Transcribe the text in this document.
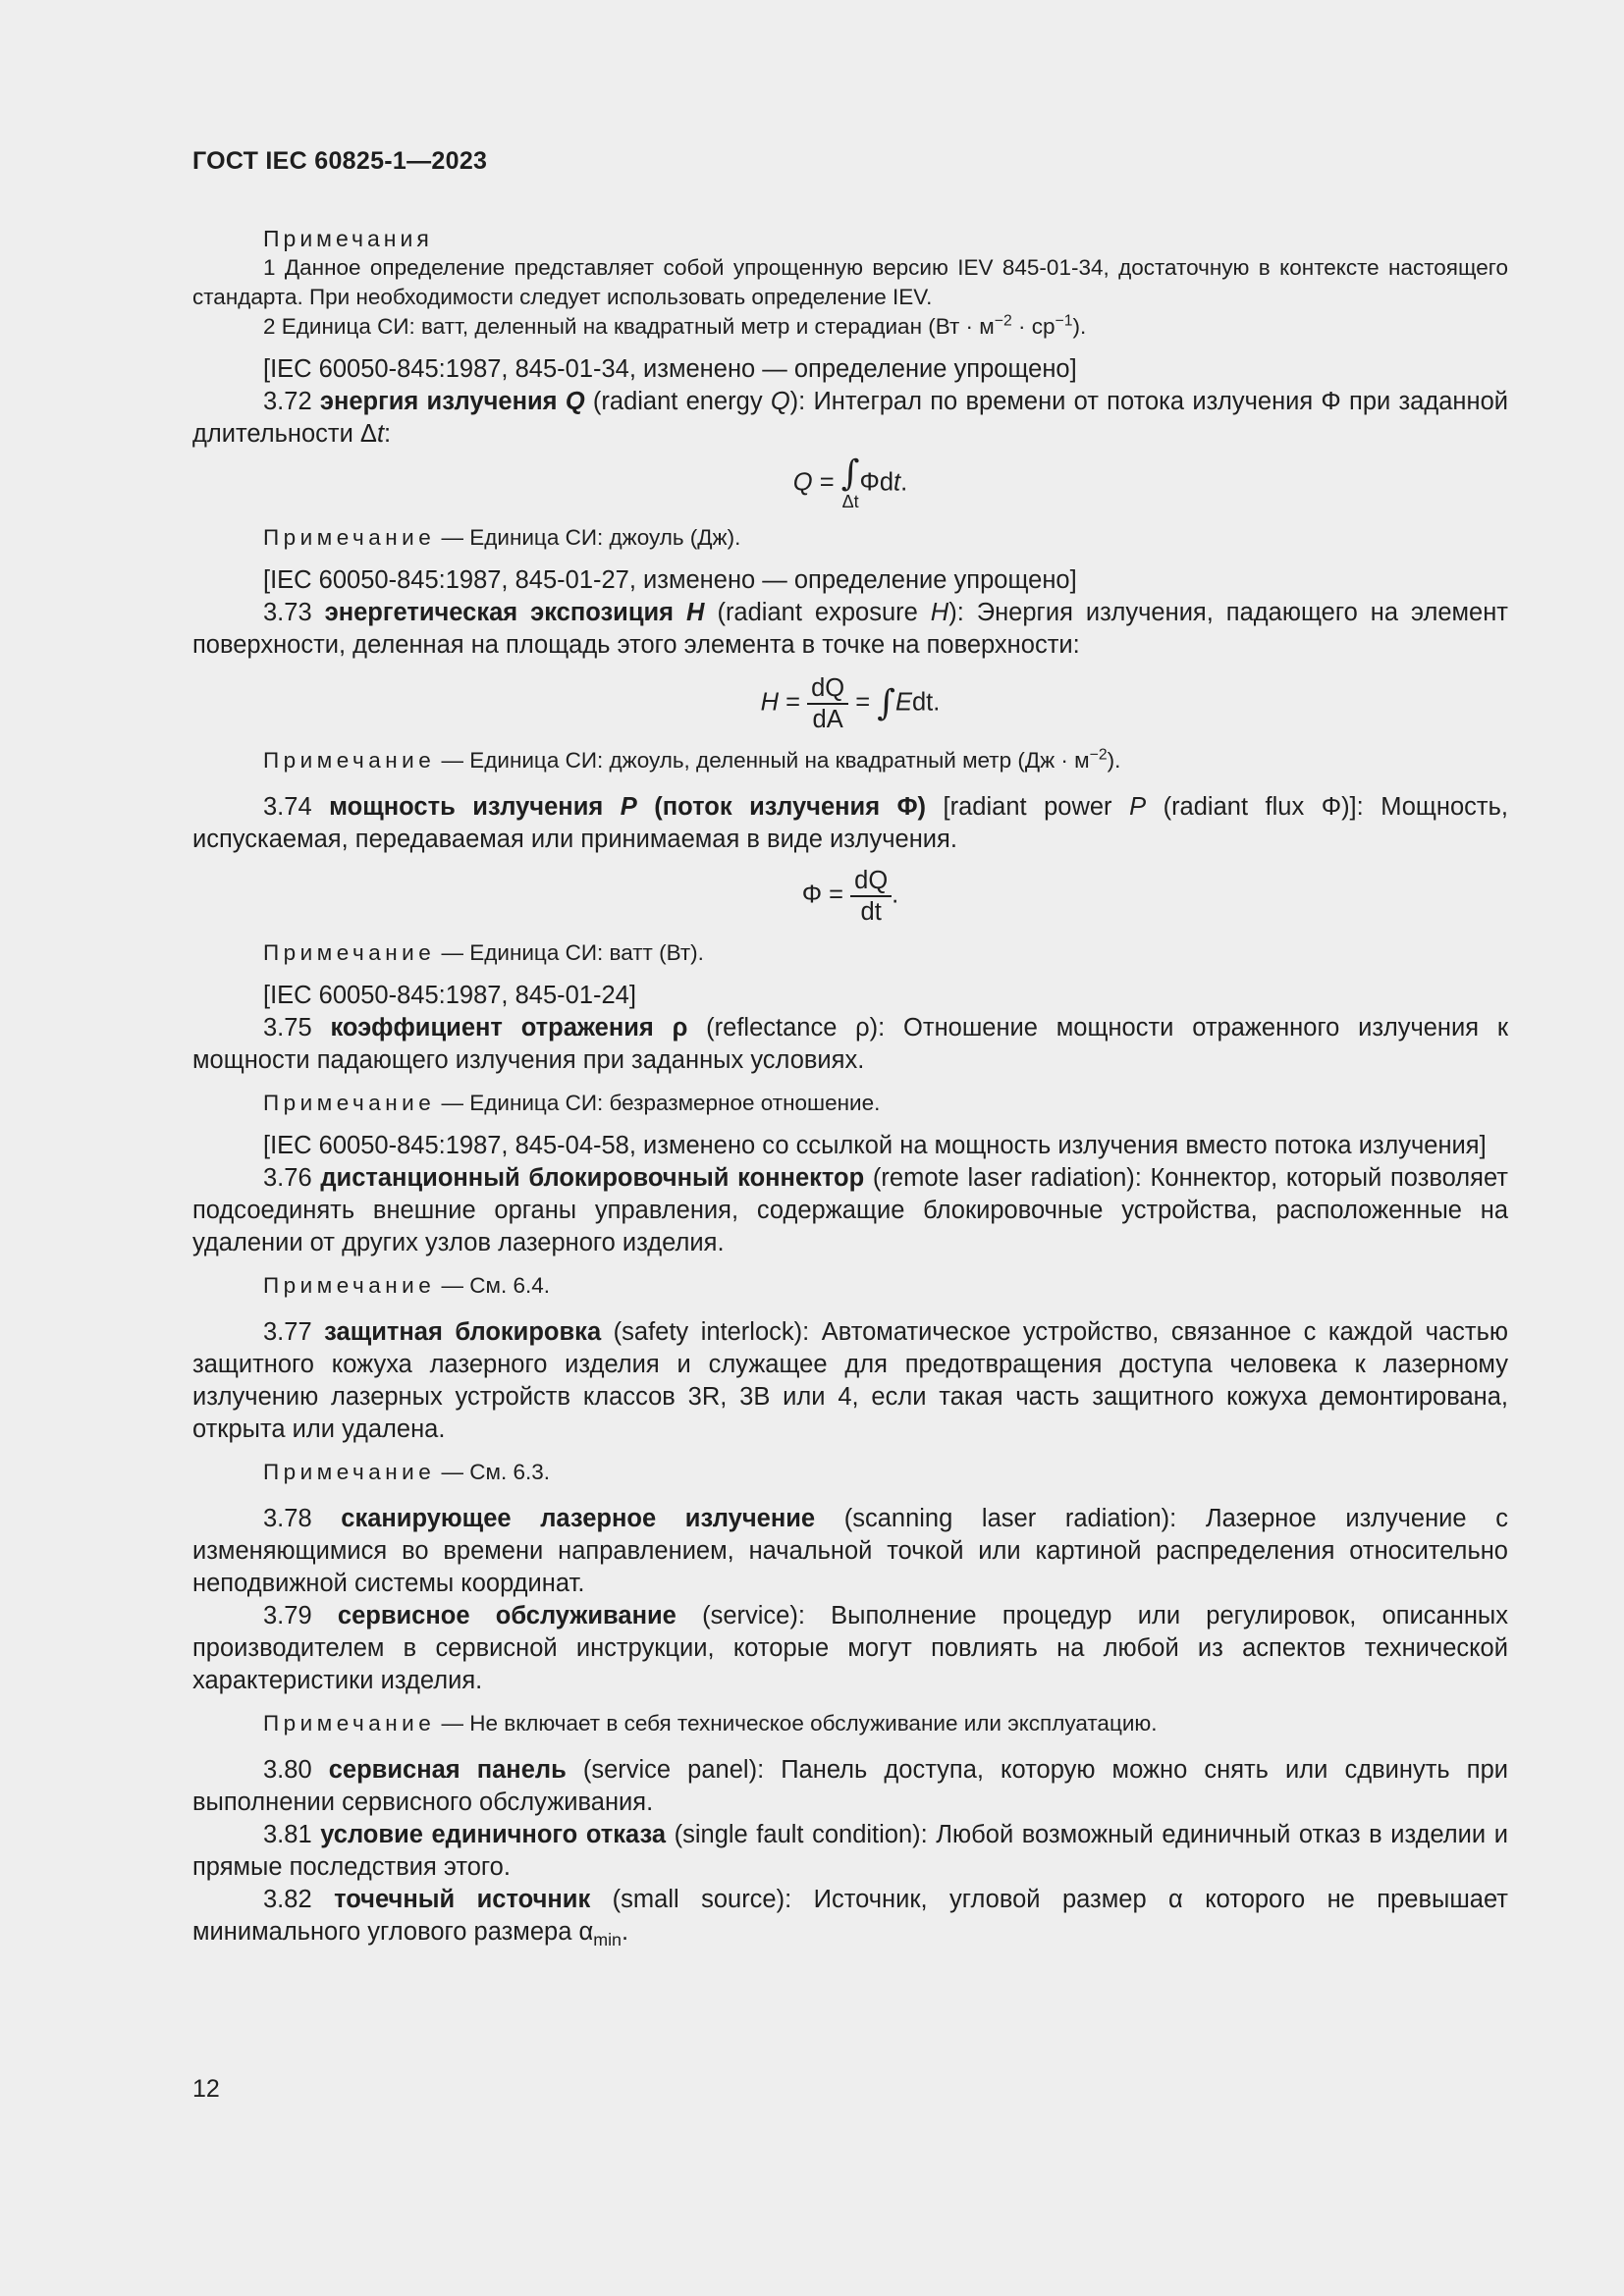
ГОСТ IEC 60825-1—2023

Примечания

1 Данное определение представляет собой упрощенную версию IEV 845-01-34, достаточную в контексте настоящего стандарта. При необходимости следует использовать определение IEV.

2 Единица СИ: ватт, деленный на квадратный метр и стерадиан $(Вт \cdot м^{-2} \cdot ср^{-1})$.

[IEC 60050-845:1987, 845-01-34, изменено — определение упрощено]

3.72 энергия излучения Q (radiant energy Q): Интеграл по времени от потока излучения Φ при заданной длительности Δt:

Q = ∫
Δt
Φdt.

Примечание — Единица СИ: джоуль (Дж).

[IEC 60050-845:1987, 845-01-27, изменено — определение упрощено]

3.73 энергетическая экспозиция H (radiant exposure H): Энергия излучения, падающего на элемент поверхности, деленная на площадь этого элемента в точке на поверхности:

$H = \frac{dQ}{dA}$ = ∫ Edt.

Примечание — Единица СИ: джоуль, деленный на квадратный метр $(Дж \cdot м^{-2})$.

3.74 мощность излучения P (поток излучения Φ) [radiant power P (radiant flux Φ)]: Мощность, испускаемая, передаваемая или принимаемая в виде излучения.

$\Phi = \frac{dQ}{dt}$ .

Примечание — Единица СИ: ватт (Вт).

[IEC 60050-845:1987, 845-01-24]

3.75 коэффициент отражения ρ (reflectance ρ): Отношение мощности отраженного излучения к мощности падающего излучения при заданных условиях.

Примечание — Единица СИ: безразмерное отношение.

[IEC 60050-845:1987, 845-04-58, изменено со ссылкой на мощность излучения вместо потока излучения]

3.76 дистанционный блокировочный коннектор (remote laser radiation): Коннектор, который позволяет подсоединять внешние органы управления, содержащие блокировочные устройства, расположенные на удалении от других узлов лазерного изделия.

Примечание — См. 6.4.

3.77 защитная блокировка (safety interlock): Автоматическое устройство, связанное с каждой частью защитного кожуха лазерного изделия и служащее для предотвращения доступа человека к лазерному излучению лазерных устройств классов 3R, 3B или 4, если такая часть защитного кожуха демонтирована, открыта или удалена.

Примечание — См. 6.3.

3.78 сканирующее лазерное излучение (scanning laser radiation): Лазерное излучение с изменяющимися во времени направлением, начальной точкой или картиной распределения относительно неподвижной системы координат.

3.79 сервисное обслуживание (service): Выполнение процедур или регулировок, описанных производителем в сервисной инструкции, которые могут повлиять на любой из аспектов технической характеристики изделия.

Примечание — Не включает в себя техническое обслуживание или эксплуатацию.

3.80 сервисная панель (service panel): Панель доступа, которую можно снять или сдвинуть при выполнении сервисного обслуживания.

3.81 условие единичного отказа (single fault condition): Любой возможный единичный отказ в изделии и прямые последствия этого.

3.82 точечный источник (small source): Источник, угловой размер α которого не превышает минимального углового размера $\alpha_{min}$.

12
